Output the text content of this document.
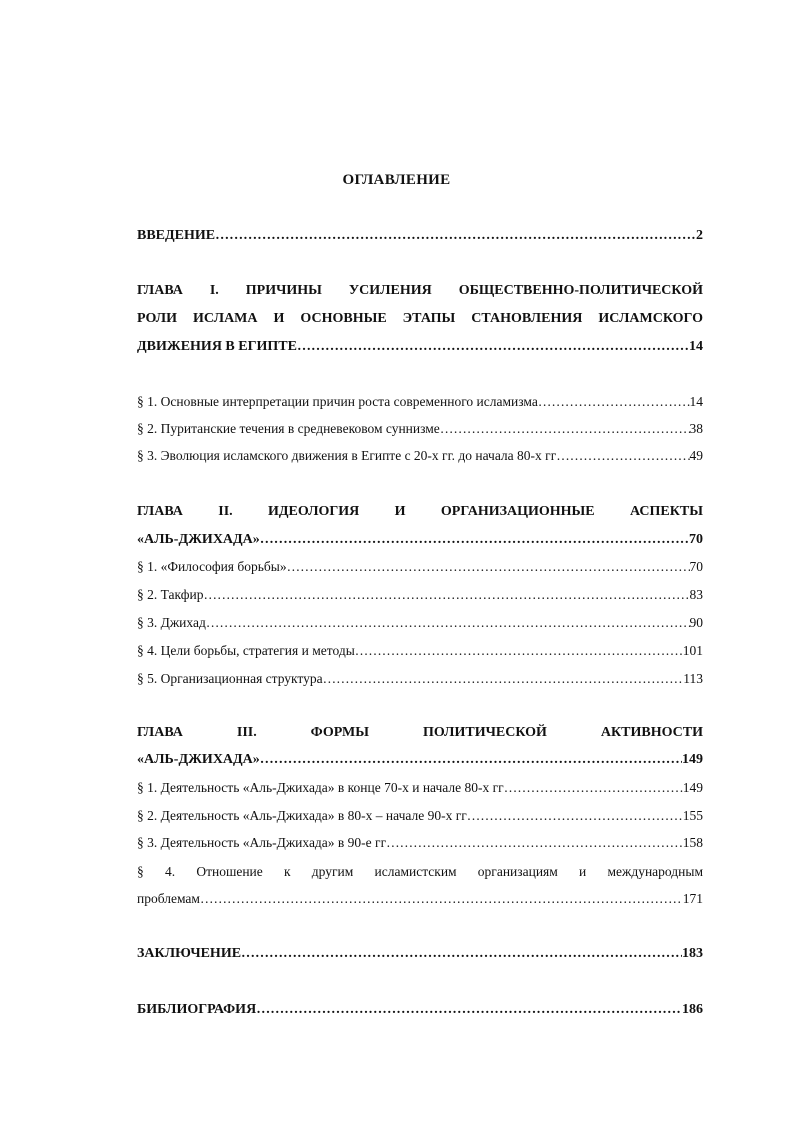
ОГЛАВЛЕНИЕ
ВВЕДЕНИЕ …………………………………………………………………………………………………………………………………………………………………	2
ГЛАВА I. ПРИЧИНЫ УСИЛЕНИЯ ОБЩЕСТВЕННО-ПОЛИТИЧЕСКОЙ
РОЛИ ИСЛАМА И ОСНОВНЫЕ ЭТАПЫ СТАНОВЛЕНИЯ ИСЛАМСКОГО
ДВИЖЕНИЯ В ЕГИПТЕ …………………………………………………………………………………………………………………………………………………………………	14
§ 1. Основные интерпретации причин роста современного исламизма …………………………………………………………………………………………………………………………………………………………………	14
§ 2. Пуританские течения в средневековом суннизме …………………………………………………………………………………………………………………………………………………………………	38
§ 3. Эволюция исламского движения в Египте с 20-х гг. до начала 80-х гг …………………………………………………………………………………………………………………………………………………………………	49
ГЛАВА II. ИДЕОЛОГИЯ И ОРГАНИЗАЦИОННЫЕ АСПЕКТЫ
«АЛЬ-ДЖИХАДА» …………………………………………………………………………………………………………………………………………………………………	70
§ 1. «Философия борьбы» …………………………………………………………………………………………………………………………………………………………………	70
§ 2. Такфир …………………………………………………………………………………………………………………………………………………………………	83
§ 3. Джихад …………………………………………………………………………………………………………………………………………………………………	90
§ 4. Цели борьбы, стратегия и методы …………………………………………………………………………………………………………………………………………………………………	101
§ 5. Организационная структура …………………………………………………………………………………………………………………………………………………………………	113
ГЛАВА III. ФОРМЫ ПОЛИТИЧЕСКОЙ АКТИВНОСТИ
«АЛЬ-ДЖИХАДА» …………………………………………………………………………………………………………………………………………………………………	149
§ 1. Деятельность «Аль-Джихада» в конце 70-х и начале 80-х гг …………………………………………………………………………………………………………………………………………………………………	149
§ 2. Деятельность «Аль-Джихада» в 80-х – начале 90-х гг …………………………………………………………………………………………………………………………………………………………………	155
§ 3. Деятельность «Аль-Джихада» в 90-е гг …………………………………………………………………………………………………………………………………………………………………	158
§ 4. Отношение к другим исламистским организациям и международным
проблемам …………………………………………………………………………………………………………………………………………………………………	171
ЗАКЛЮЧЕНИЕ …………………………………………………………………………………………………………………………………………………………………	183
БИБЛИОГРАФИЯ …………………………………………………………………………………………………………………………………………………………………	186
